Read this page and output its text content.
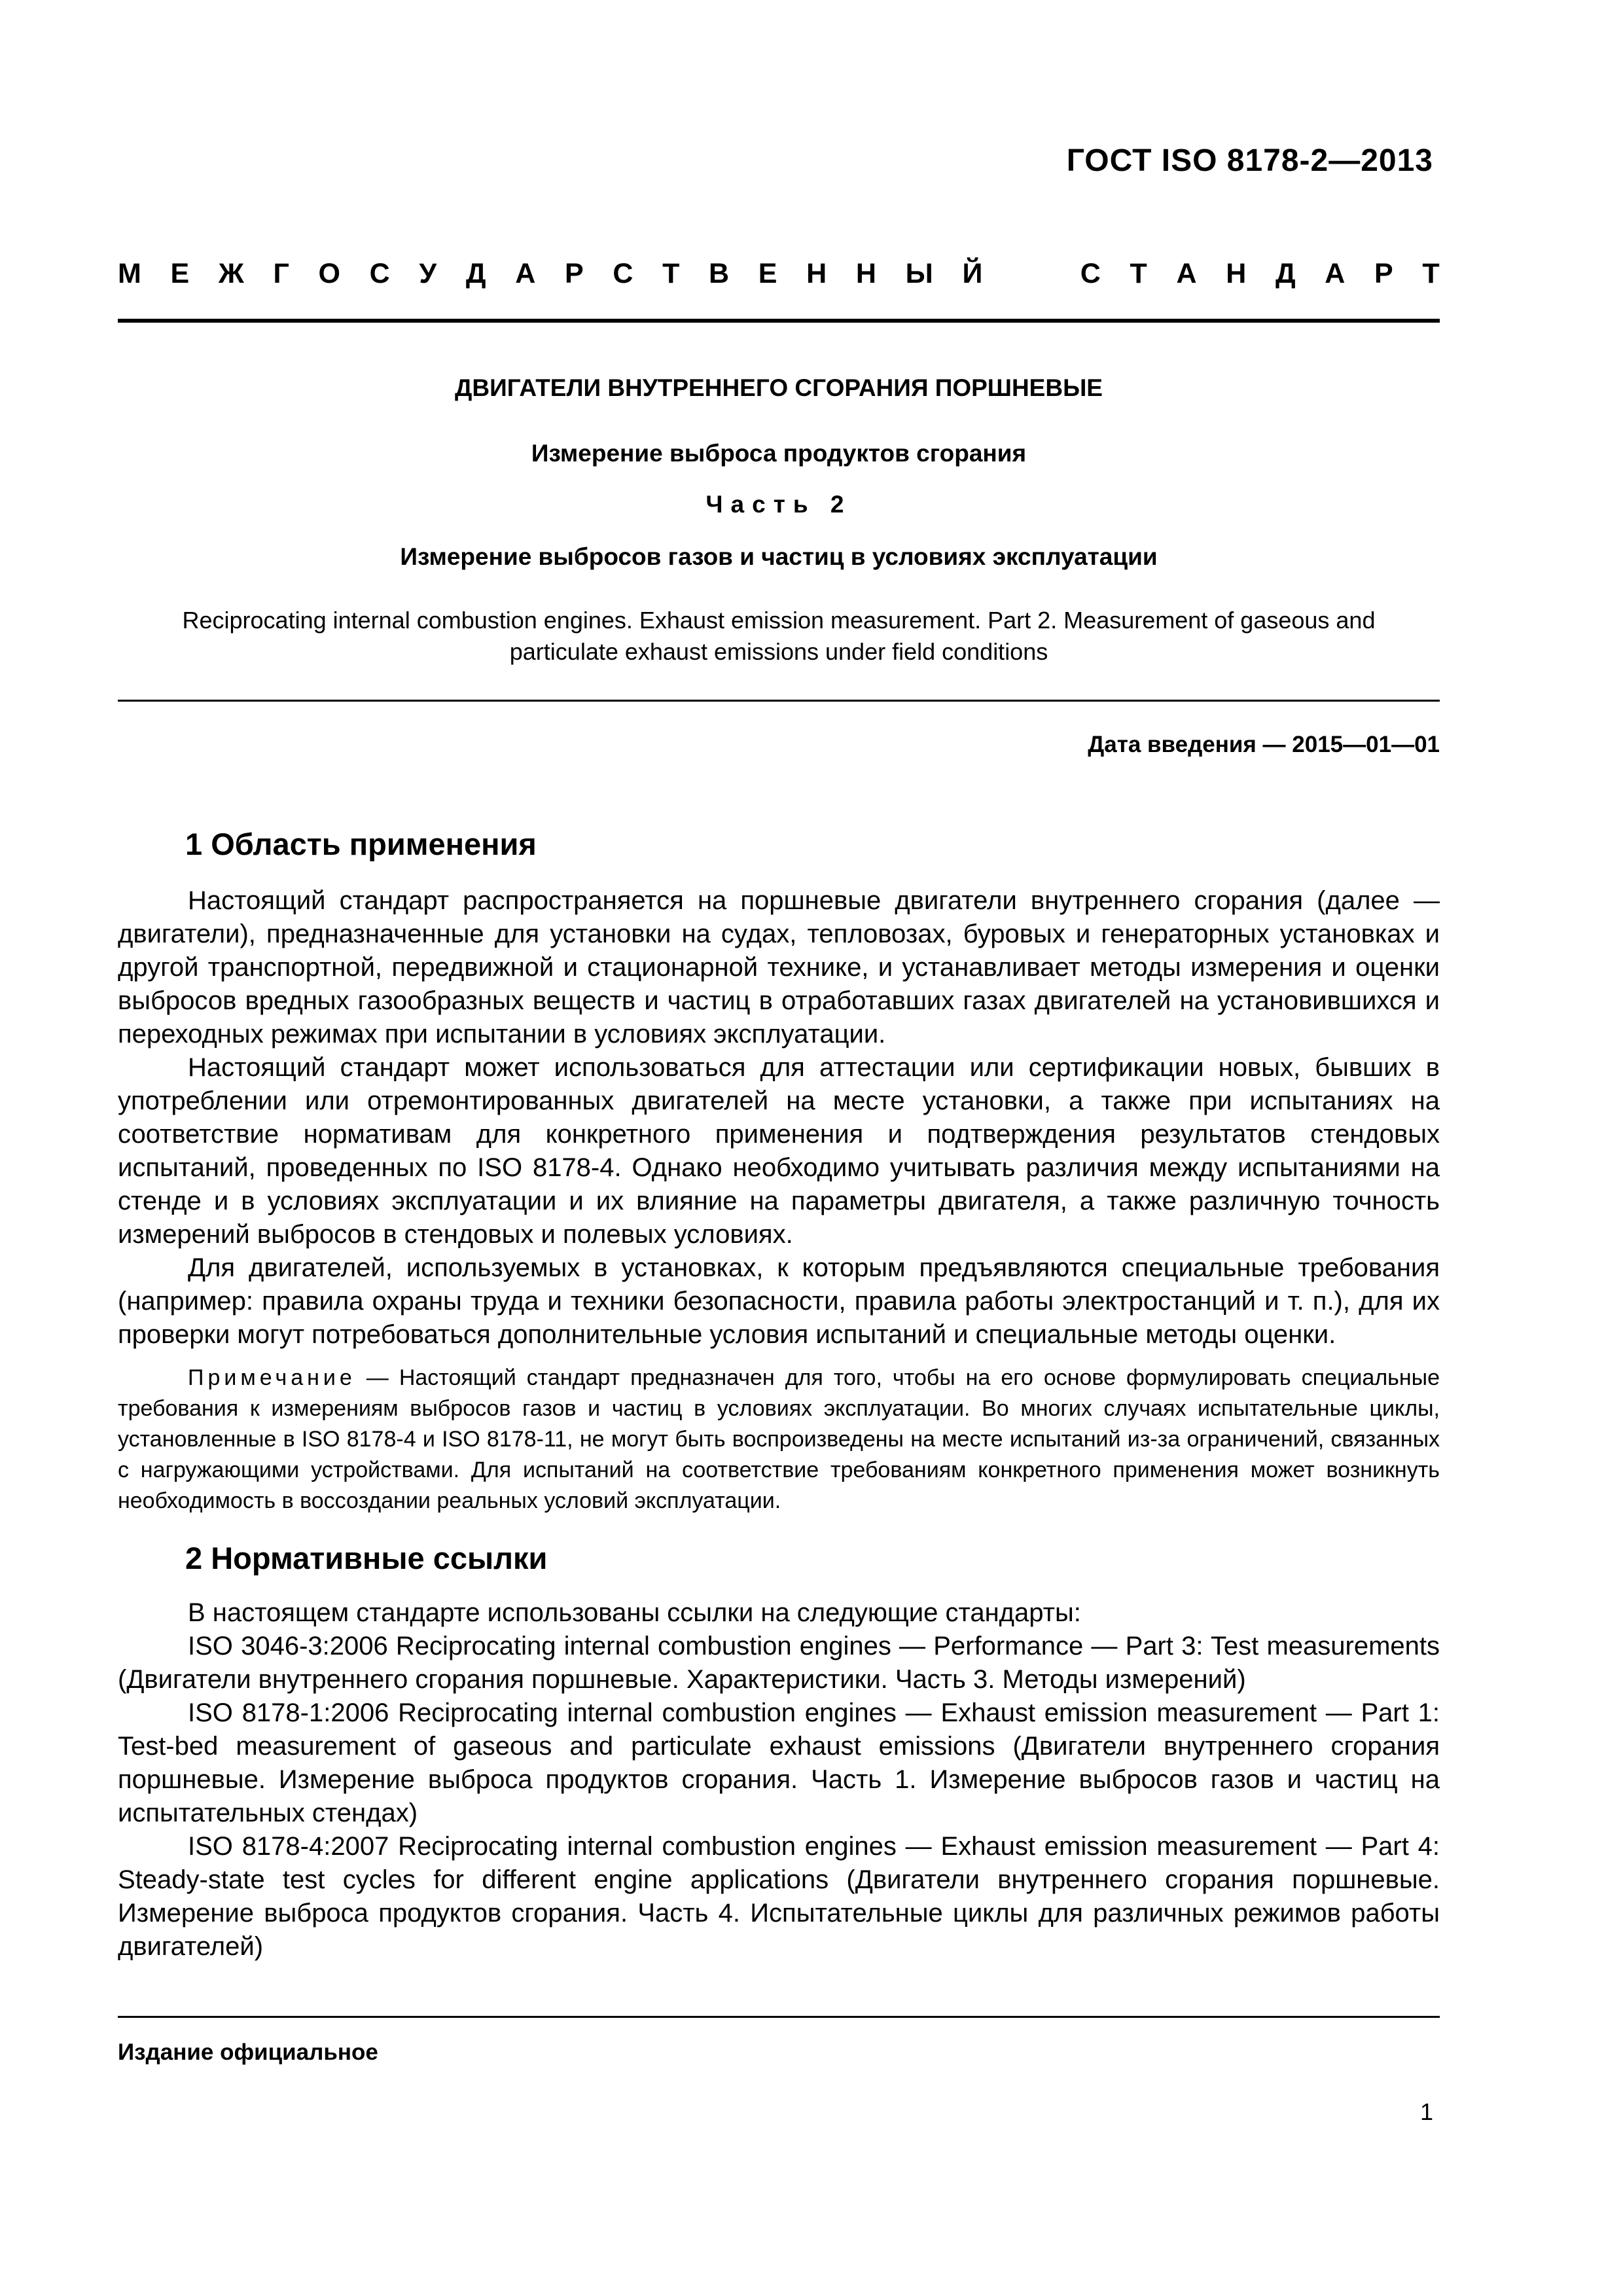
ГОСТ ISO 8178-2—2013
М Е Ж Г О С У Д А Р С Т В Е Н Н Ы Й	С Т А Н Д А Р Т
ДВИГАТЕЛИ ВНУТРЕННЕГО СГОРАНИЯ ПОРШНЕВЫЕ
Измерение выброса продуктов сгорания
Часть 2
Измерение выбросов газов и частиц в условиях эксплуатации
Reciprocating internal combustion engines. Exhaust emission measurement. Part 2. Measurement of gaseous and
particulate exhaust emissions under field conditions
Дата введения — 2015—01—01
1 Область применения

Настоящий стандарт распространяется на поршневые двигатели внутреннего сгорания (далее — двигатели), предназначенные для установки на судах, тепловозах, буровых и генераторных установках и другой транспортной, передвижной и стационарной технике, и устанавливает методы измерения и оценки выбросов вредных газообразных веществ и частиц в отработавших газах двигателей на установившихся и переходных режимах при испытании в условиях эксплуатации.

Настоящий стандарт может использоваться для аттестации или сертификации новых, бывших в употреблении или отремонтированных двигателей на месте установки, а также при испытаниях на соответствие нормативам для конкретного применения и подтверждения результатов стендовых испытаний, проведенных по ISO 8178-4. Однако необходимо учитывать различия между испытаниями на стенде и в условиях эксплуатации и их влияние на параметры двигателя, а также различную точность измерений выбросов в стендовых и полевых условиях.

Для двигателей, используемых в установках, к которым предъявляются специальные требования (например: правила охраны труда и техники безопасности, правила работы электростанций и т. п.), для их проверки могут потребоваться дополнительные условия испытаний и специальные методы оценки.

Примечание — Настоящий стандарт предназначен для того, чтобы на его основе формулировать специальные требования к измерениям выбросов газов и частиц в условиях эксплуатации. Во многих случаях испытательные циклы, установленные в ISO 8178-4 и ISO 8178-11, не могут быть воспроизведены на месте испытаний из-за ограничений, связанных с нагружающими устройствами. Для испытаний на соответствие требованиям конкретного применения может возникнуть необходимость в воссоздании реальных условий эксплуатации.
2 Нормативные ссылки

В настоящем стандарте использованы ссылки на следующие стандарты:

ISO 3046-3:2006 Reciprocating internal combustion engines — Performance — Part 3: Test measurements (Двигатели внутреннего сгорания поршневые. Характеристики. Часть 3. Методы измерений)

ISO 8178-1:2006 Reciprocating internal combustion engines — Exhaust emission measurement — Part 1: Test-bed measurement of gaseous and particulate exhaust emissions (Двигатели внутреннего сгорания поршневые. Измерение выброса продуктов сгорания. Часть 1. Измерение выбросов газов и частиц на испытательных стендах)

ISO 8178-4:2007 Reciprocating internal combustion engines — Exhaust emission measurement — Part 4: Steady-state test cycles for different engine applications (Двигатели внутреннего сгорания поршневые. Измерение выброса продуктов сгорания. Часть 4. Испытательные циклы для различных режимов работы двигателей)

Издание официальное
1
